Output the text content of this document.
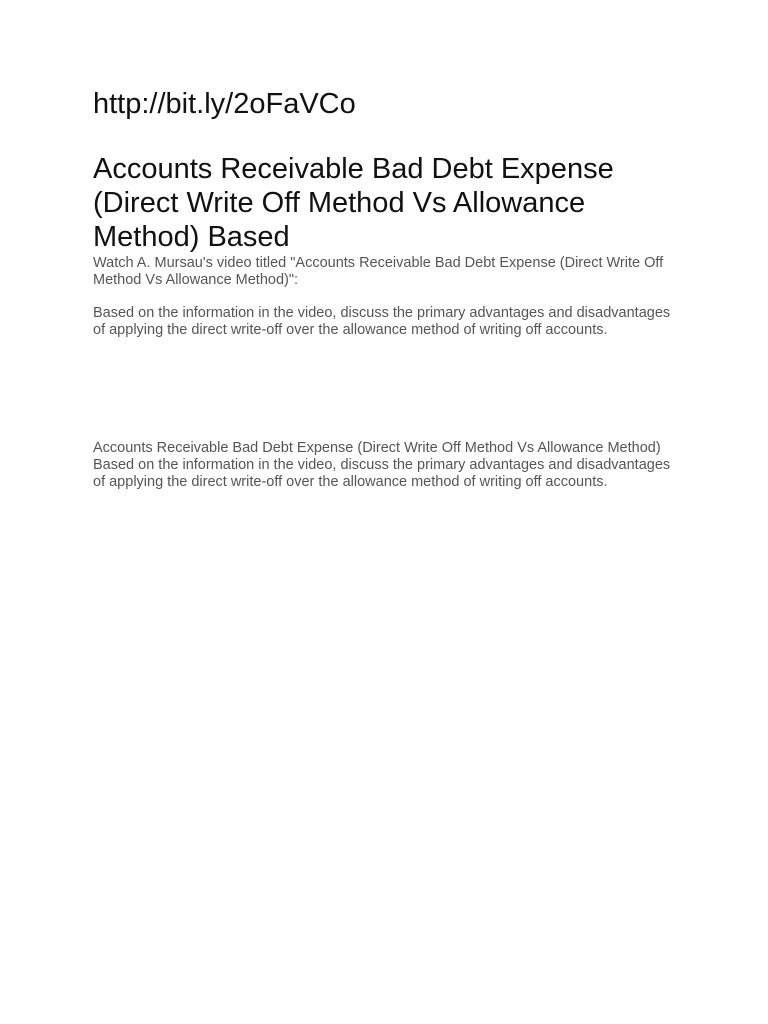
http://bit.ly/2oFaVCo
Accounts Receivable Bad Debt Expense (Direct Write Off Method Vs Allowance Method) Based

Watch A. Mursau's video titled "Accounts Receivable Bad Debt Expense (Direct Write Off Method Vs Allowance Method)":

Based on the information in the video, discuss the primary advantages and disadvantages of applying the direct write-off over the allowance method of writing off accounts.

Accounts Receivable Bad Debt Expense (Direct Write Off Method Vs Allowance Method) Based on the information in the video, discuss the primary advantages and disadvantages of applying the direct write-off over the allowance method of writing off accounts.
